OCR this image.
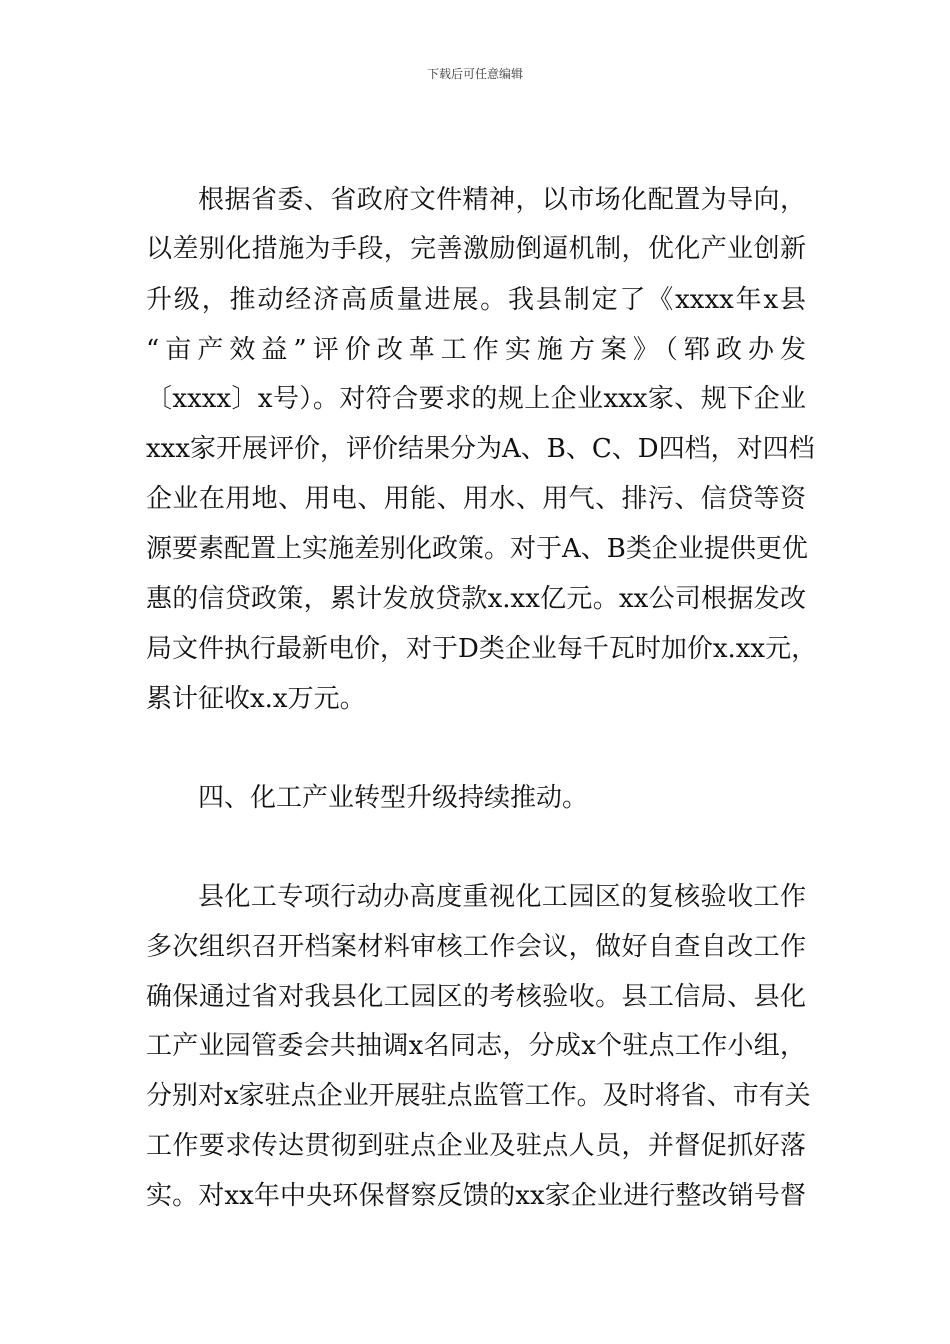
下载后可任意编辑

根据省委、省政府文件精神，以市场化配置为导向，

以差别化措施为手段，完善激励倒逼机制，优化产业创新

升级，推动经济高质量进展。我县制定了《xxxx年x县

“亩产效益”评价改革工作实施方案》（郓政办发

〔xxxx〕x号）。对符合要求的规上企业xxx家、规下企业

xxx家开展评价，评价结果分为A、B、C、D四档，对四档

企业在用地、用电、用能、用水、用气、排污、信贷等资

源要素配置上实施差别化政策。对于A、B类企业提供更优

惠的信贷政策，累计发放贷款x.xx亿元。xx公司根据发改

局文件执行最新电价，对于D类企业每千瓦时加价x.xx元，

累计征收x.x万元。

四、化工产业转型升级持续推动。

县化工专项行动办高度重视化工园区的复核验收工作

多次组织召开档案材料审核工作会议，做好自查自改工作

确保通过省对我县化工园区的考核验收。县工信局、县化

工产业园管委会共抽调x名同志，分成x个驻点工作小组，

分别对x家驻点企业开展驻点监管工作。及时将省、市有关

工作要求传达贯彻到驻点企业及驻点人员，并督促抓好落

实。对xx年中央环保督察反馈的xx家企业进行整改销号督
